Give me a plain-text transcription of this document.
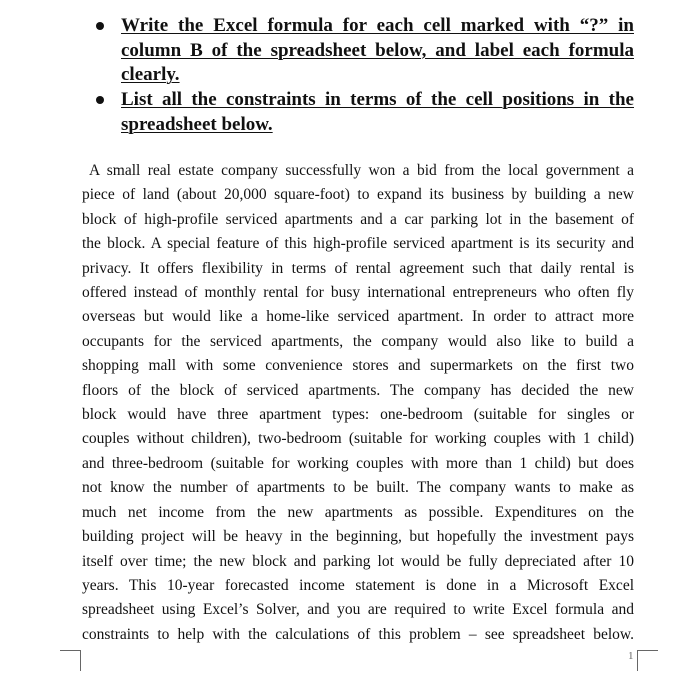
Write the Excel formula for each cell marked with “?” in
column B of the spreadsheet below, and label each formula
clearly.
List all the constraints in terms of the cell positions in the
spreadsheet below.
A small real estate company successfully won a bid from the local government a
piece of land (about 20,000 square-foot) to expand its business by building a new
block of high-profile serviced apartments and a car parking lot in the basement of
the block. A special feature of this high-profile serviced apartment is its security and
privacy. It offers flexibility in terms of rental agreement such that daily rental is
offered instead of monthly rental for busy international entrepreneurs who often fly
overseas but would like a home-like serviced apartment. In order to attract more
occupants for the serviced apartments, the company would also like to build a
shopping mall with some convenience stores and supermarkets on the first two
floors of the block of serviced apartments. The company has decided the new
block would have three apartment types: one-bedroom (suitable for singles or
couples without children), two-bedroom (suitable for working couples with 1 child)
and three-bedroom (suitable for working couples with more than 1 child) but does
not know the number of apartments to be built. The company wants to make as
much net income from the new apartments as possible. Expenditures on the
building project will be heavy in the beginning, but hopefully the investment pays
itself over time; the new block and parking lot would be fully depreciated after 10
years. This 10-year forecasted income statement is done in a Microsoft Excel
spreadsheet using Excel’s Solver, and you are required to write Excel formula and
constraints to help with the calculations of this problem – see spreadsheet below.
1
